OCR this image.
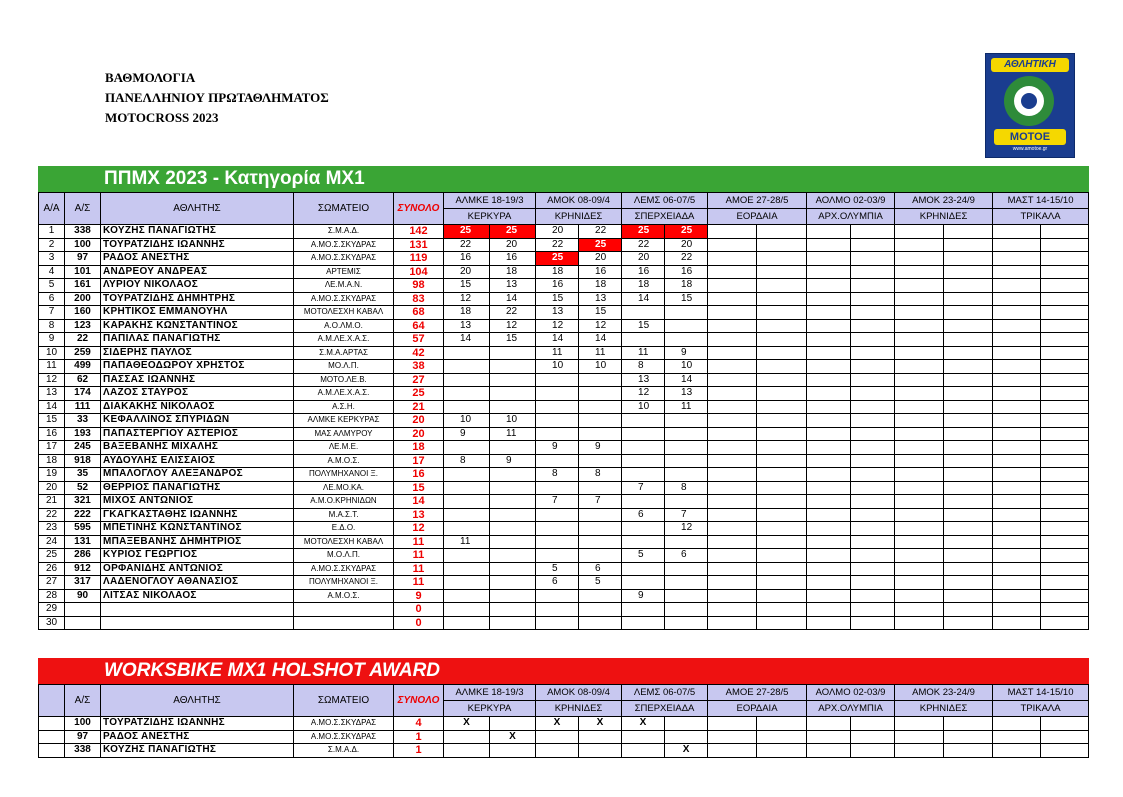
ΒΑΘΜΟΛΟΓΙΑ
ΠΑΝΕΛΛΗΝΙΟΥ ΠΡΩΤΑΘΛΗΜΑΤΟΣ
MOTOCROSS 2023
ΑΘΛΗΤΙΚΗ
ΜΟΤΟΕ
www.amotoe.gr
ΠΠΜΧ 2023 - Κατηγορία MX1
Α/Α	Α/Σ	ΑΘΛΗΤΗΣ	ΣΩΜΑΤΕΙΟ	ΣΥΝΟΛΟ	ΑΛΜΚΕ 18-19/3		ΑΜΟΚ 08-09/4		ΛΕΜΣ 06-07/5		ΑΜΟΕ 27-28/5		ΑΟΛΜΟ 02-03/9		ΑΜΟΚ 23-24/9		ΜΑΣΤ 14-15/10	
					ΚΕΡΚΥΡΑ		ΚΡΗΝΙΔΕΣ		ΣΠΕΡΧΕΙΑΔΑ		ΕΟΡΔΑΙΑ		ΑΡΧ.ΟΛΥΜΠΙΑ		ΚΡΗΝΙΔΕΣ		ΤΡΙΚΑΛΑ	
1	338	ΚΟΥΖΗΣ ΠΑΝΑΓΙΩΤΗΣ	Σ.Μ.Α.Δ.	142	25	25	20	22	25	25								
2	100	ΤΟΥΡΑΤΖΙΔΗΣ ΙΩΑΝΝΗΣ	Α.ΜΟ.Σ.ΣΚΥΔΡΑΣ	131	22	20	22	25	22	20								
3	97	ΡΑΔΟΣ ΑΝΕΣΤΗΣ	Α.ΜΟ.Σ.ΣΚΥΔΡΑΣ	119	16	16	25	20	20	22								
4	101	ΑΝΔΡΕΟΥ ΑΝΔΡΕΑΣ	ΑΡΤΕΜΙΣ	104	20	18	18	16	16	16								
5	161	ΛΥΡΙΟΥ ΝΙΚΟΛΑΟΣ	ΛΕ.Μ.Α.Ν.	98	15	13	16	18	18	18								
6	200	ΤΟΥΡΑΤΖΙΔΗΣ ΔΗΜΗΤΡΗΣ	Α.ΜΟ.Σ.ΣΚΥΔΡΑΣ	83	12	14	15	13	14	15								
7	160	ΚΡΗΤΙΚΟΣ ΕΜΜΑΝΟΥΗΛ	ΜΟΤΟΛΕΣΧΗ ΚΑΒΑΛ	68	18	22	13	15										
8	123	ΚΑΡΑΚΗΣ ΚΩΝΣΤΑΝΤΙΝΟΣ	Α.Ο.ΛΜ.Ο.	64	13	12	12	12	15									
9	22	ΠΑΠΙΛΑΣ ΠΑΝΑΓΙΩΤΗΣ	Α.Μ.ΛΕ.Χ.Α.Σ.	57	14	15	14	14										
10	259	ΣΙΔΕΡΗΣ ΠΑΥΛΟΣ	Σ.Μ.Α.ΑΡΤΑΣ	42			11	11	11	9								
11	499	ΠΑΠΑΘΕΟΔΩΡΟΥ ΧΡΗΣΤΟΣ	ΜΟ.Λ.Π.	38			10	10	8	10								
12	62	ΠΑΣΣΑΣ ΙΩΑΝΝΗΣ	ΜΟΤΟ.ΛΕ.Β.	27					13	14								
13	174	ΛΑΖΟΣ ΣΤΑΥΡΟΣ	Α.Μ.ΛΕ.Χ.Α.Σ.	25					12	13								
14	111	ΔΙΑΚΑΚΗΣ ΝΙΚΟΛΑΟΣ	Α.Σ.Η.	21					10	11								
15	33	ΚΕΦΑΛΛΙΝΟΣ ΣΠΥΡΙΔΩΝ	ΑΛΜΚΕ ΚΕΡΚΥΡΑΣ	20	10	10												
16	193	ΠΑΠΑΣΤΕΡΓΙΟΥ ΑΣΤΕΡΙΟΣ	ΜΑΣ ΑΛΜΥΡΟΥ	20	9	11												
17	245	ΒΑΞΕΒΑΝΗΣ ΜΙΧΑΛΗΣ	ΛΕ.Μ.Ε.	18			9	9										
18	918	ΑΥΔΟΥΛΗΣ ΕΛΙΣΣΑΙΟΣ	Α.Μ.Ο.Σ.	17	8	9												
19	35	ΜΠΑΛΟΓΛΟΥ ΑΛΕΞΑΝΔΡΟΣ	ΠΟΛΥΜΗΧΑΝΟΙ Ξ.	16			8	8										
20	52	ΘΕΡΡΙΟΣ ΠΑΝΑΓΙΩΤΗΣ	ΛΕ.ΜΟ.ΚΑ.	15					7	8								
21	321	ΜΙΧΟΣ ΑΝΤΩΝΙΟΣ	Α.Μ.Ο.ΚΡΗΝΙΔΩΝ	14			7	7										
22	222	ΓΚΑΓΚΑΣΤΑΘΗΣ ΙΩΑΝΝΗΣ	Μ.Α.Σ.Τ.	13					6	7								
23	595	ΜΠΕΤΙΝΗΣ ΚΩΝΣΤΑΝΤΙΝΟΣ	Ε.Δ.Ο.	12						12								
24	131	ΜΠΑΞΕΒΑΝΗΣ ΔΗΜΗΤΡΙΟΣ	ΜΟΤΟΛΕΣΧΗ ΚΑΒΑΛ	11	11													
25	286	ΚΥΡΙΟΣ ΓΕΩΡΓΙΟΣ	Μ.Ο.Λ.Π.	11					5	6								
26	912	ΟΡΦΑΝΙΔΗΣ ΑΝΤΩΝΙΟΣ	Α.ΜΟ.Σ.ΣΚΥΔΡΑΣ	11			5	6										
27	317	ΛΑΔΕΝΟΓΛΟΥ ΑΘΑΝΑΣΙΟΣ	ΠΟΛΥΜΗΧΑΝΟΙ Ξ.	11			6	5										
28	90	ΛΙΤΣΑΣ ΝΙΚΟΛΑΟΣ	Α.Μ.Ο.Σ.	9					9									
29				0														
30				0														
WORKSBIKE MX1 HOLSHOT AWARD
	Α/Σ	ΑΘΛΗΤΗΣ	ΣΩΜΑΤΕΙΟ	ΣΥΝΟΛΟ	ΑΛΜΚΕ 18-19/3		ΑΜΟΚ 08-09/4		ΛΕΜΣ 06-07/5		ΑΜΟΕ 27-28/5		ΑΟΛΜΟ 02-03/9		ΑΜΟΚ 23-24/9		ΜΑΣΤ 14-15/10	
					ΚΕΡΚΥΡΑ		ΚΡΗΝΙΔΕΣ		ΣΠΕΡΧΕΙΑΔΑ		ΕΟΡΔΑΙΑ		ΑΡΧ.ΟΛΥΜΠΙΑ		ΚΡΗΝΙΔΕΣ		ΤΡΙΚΑΛΑ	
	100	ΤΟΥΡΑΤΖΙΔΗΣ ΙΩΑΝΝΗΣ	Α.ΜΟ.Σ.ΣΚΥΔΡΑΣ	4	X		X	X	X									
	97	ΡΑΔΟΣ ΑΝΕΣΤΗΣ	Α.ΜΟ.Σ.ΣΚΥΔΡΑΣ	1		X												
	338	ΚΟΥΖΗΣ ΠΑΝΑΓΙΩΤΗΣ	Σ.Μ.Α.Δ.	1						X								
